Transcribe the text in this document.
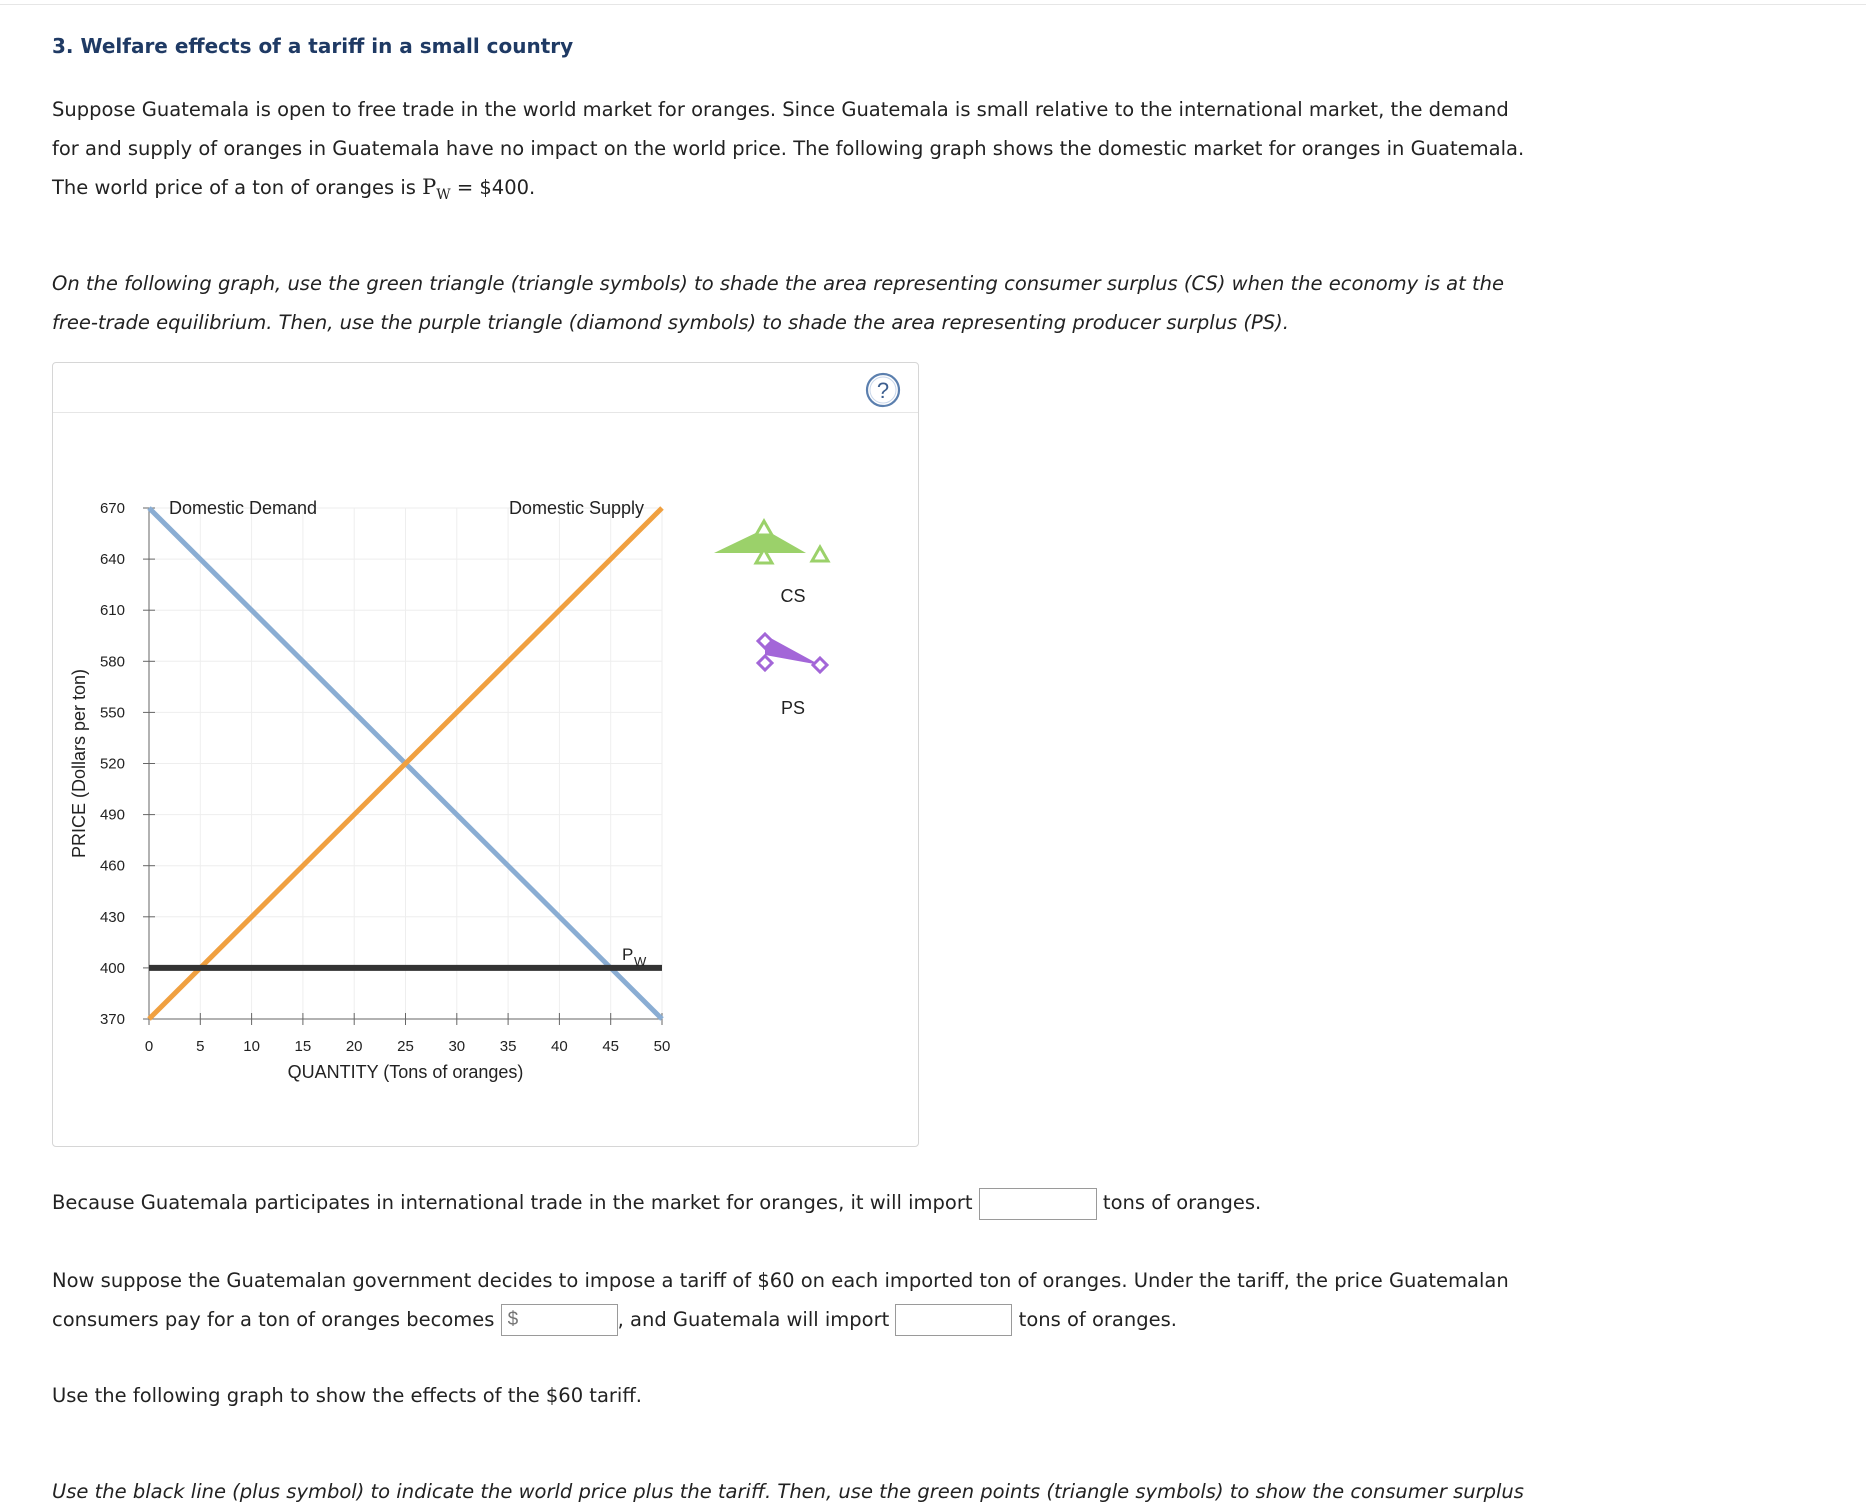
3. Welfare effects of a tariff in a small country
Suppose Guatemala is open to free trade in the world market for oranges. Since Guatemala is small relative to the international market, the demand
for and supply of oranges in Guatemala have no impact on the world price. The following graph shows the domestic market for oranges in Guatemala.
The world price of a ton of oranges is $P_W$ = $400.
On the following graph, use the green triangle (triangle symbols) to shade the area representing consumer surplus (CS) when the economy is at the
free-trade equilibrium. Then, use the purple triangle (diamond symbols) to shade the area representing producer surplus (PS).
?
370
400
430
460
490
520
550
580
610
640
670
0	5	10 15 20 25 30 35 40 45 50
QUANTITY (Tons of oranges)
PRICE (Dollars per ton)
Domestic Demand	Domestic Supply
P W
CS
PS
Because Guatemala participates in international trade in the market for oranges, it will import	tons of oranges.
Now suppose the Guatemalan government decides to impose a tariff of $60 on each imported ton of oranges. Under the tariff, the price Guatemalan
consumers pay for a ton of oranges becomes $	, and Guatemala will import	tons of oranges.
Use the following graph to show the effects of the $60 tariff.
Use the black line (plus symbol) to indicate the world price plus the tariff. Then, use the green points (triangle symbols) to show the consumer surplus
